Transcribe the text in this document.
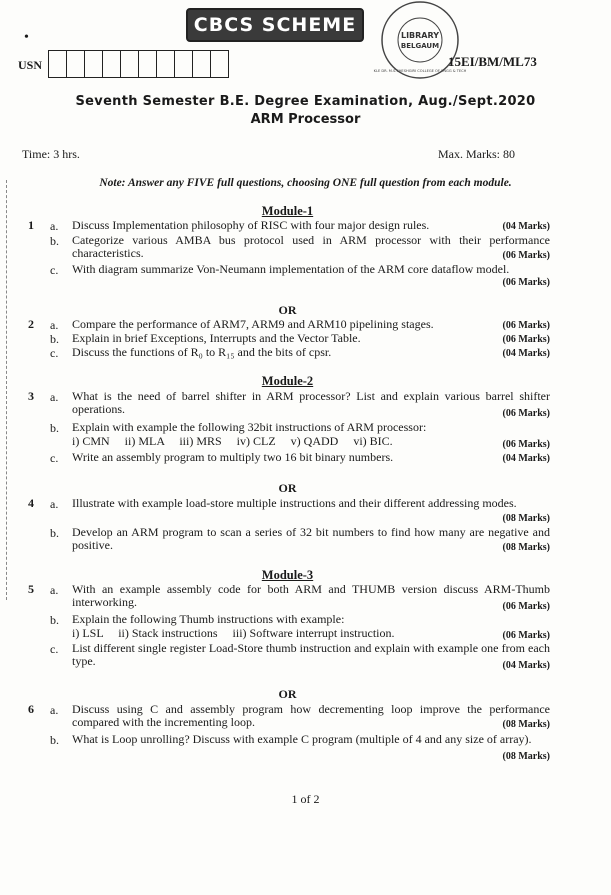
•
CBCS SCHEME	LIBRARY
BELGAUM
KLE DR. M.S.SHESHGIRI COLLEGE OF ENGG & TECH
USN	15EI/BM/ML73
Seventh Semester B.E. Degree Examination, Aug./Sept.2020
ARM Processor
Time: 3 hrs.	Max. Marks: 80
Note: Answer any FIVE full questions, choosing ONE full question from each module.
Module-1
1 a. Discuss Implementation philosophy of RISC with four major design rules.	(04 Marks)
b. Categorize various AMBA bus protocol used in ARM processor with their performance characteristics.	(06 Marks)
c. With diagram summarize Von-Neumann implementation of the ARM core dataflow model.
(06 Marks)
OR
2 a. Compare the performance of ARM7, ARM9 and ARM10 pipelining stages.	(06 Marks)
b. Explain in brief Exceptions, Interrupts and the Vector Table.	(06 Marks)
c. Discuss the functions of R₀ to R₁₅ and the bits of cpsr.	(04 Marks)
Module-2
3 a. What is the need of barrel shifter in ARM processor? List and explain various barrel shifter operations.	(06 Marks)
b. Explain with example the following 32bit instructions of ARM processor:
i) CMN     ii) MLA     iii) MRS     iv) CLZ     v) QADD     vi) BIC.	(06 Marks)
c. Write an assembly program to multiply two 16 bit binary numbers.	(04 Marks)
OR
4 a. Illustrate with example load-store multiple instructions and their different addressing modes.
(08 Marks)
b. Develop an ARM program to scan a series of 32 bit numbers to find how many are negative and positive.	(08 Marks)
Module-3
5 a. With an example assembly code for both ARM and THUMB version discuss ARM-Thumb interworking.	(06 Marks)
b. Explain the following Thumb instructions with example:
i) LSL     ii) Stack instructions     iii) Software interrupt instruction.	(06 Marks)
c. List different single register Load-Store thumb instruction and explain with example one from each type.	(04 Marks)
OR
6 a. Discuss using C and assembly program how decrementing loop improve the performance compared with the incrementing loop.	(08 Marks)
b. What is Loop unrolling? Discuss with example C program (multiple of 4 and any size of array).
(08 Marks)
1 of 2
